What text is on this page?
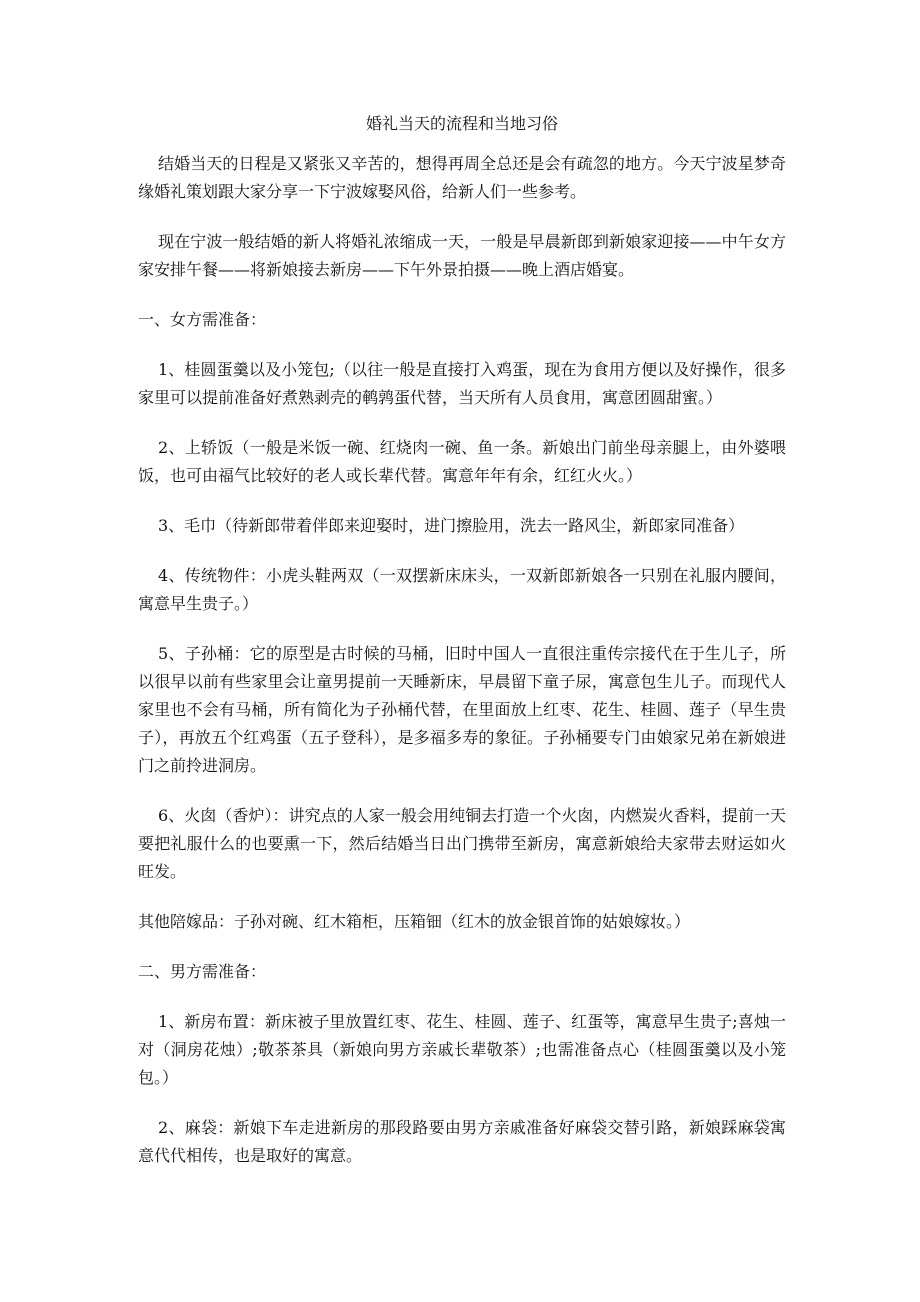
婚礼当天的流程和当地习俗

结婚当天的日程是又紧张又辛苦的，想得再周全总还是会有疏忽的地方。今天宁波星梦奇缘婚礼策划跟大家分享一下宁波嫁娶风俗，给新人们一些参考。

现在宁波一般结婚的新人将婚礼浓缩成一天，一般是早晨新郎到新娘家迎接——中午女方家安排午餐——将新娘接去新房——下午外景拍摄——晚上酒店婚宴。

一、女方需准备：

1、桂圆蛋羹以及小笼包;（以往一般是直接打入鸡蛋，现在为食用方便以及好操作，很多家里可以提前准备好煮熟剥壳的鹌鹑蛋代替，当天所有人员食用，寓意团圆甜蜜。）

2、上轿饭（一般是米饭一碗、红烧肉一碗、鱼一条。新娘出门前坐母亲腿上，由外婆喂饭，也可由福气比较好的老人或长辈代替。寓意年年有余，红红火火。）

3、毛巾（待新郎带着伴郎来迎娶时，进门擦脸用，洗去一路风尘，新郎家同准备）

4、传统物件：小虎头鞋两双（一双摆新床床头，一双新郎新娘各一只别在礼服内腰间，寓意早生贵子。）

5、子孙桶：它的原型是古时候的马桶，旧时中国人一直很注重传宗接代在于生儿子，所以很早以前有些家里会让童男提前一天睡新床，早晨留下童子尿，寓意包生儿子。而现代人家里也不会有马桶，所有简化为子孙桶代替，在里面放上红枣、花生、桂圆、莲子（早生贵子），再放五个红鸡蛋（五子登科），是多福多寿的象征。子孙桶要专门由娘家兄弟在新娘进门之前拎进洞房。

6、火囱（香炉）：讲究点的人家一般会用纯铜去打造一个火囱，内燃炭火香料，提前一天要把礼服什么的也要熏一下，然后结婚当日出门携带至新房，寓意新娘给夫家带去财运如火旺发。

其他陪嫁品：子孙对碗、红木箱柜，压箱钿（红木的放金银首饰的姑娘嫁妆。）

二、男方需准备：

1、新房布置：新床被子里放置红枣、花生、桂圆、莲子、红蛋等，寓意早生贵子;喜烛一对（洞房花烛）;敬茶茶具（新娘向男方亲戚长辈敬茶）;也需准备点心（桂圆蛋羹以及小笼包。）

2、麻袋：新娘下车走进新房的那段路要由男方亲戚准备好麻袋交替引路，新娘踩麻袋寓意代代相传，也是取好的寓意。
